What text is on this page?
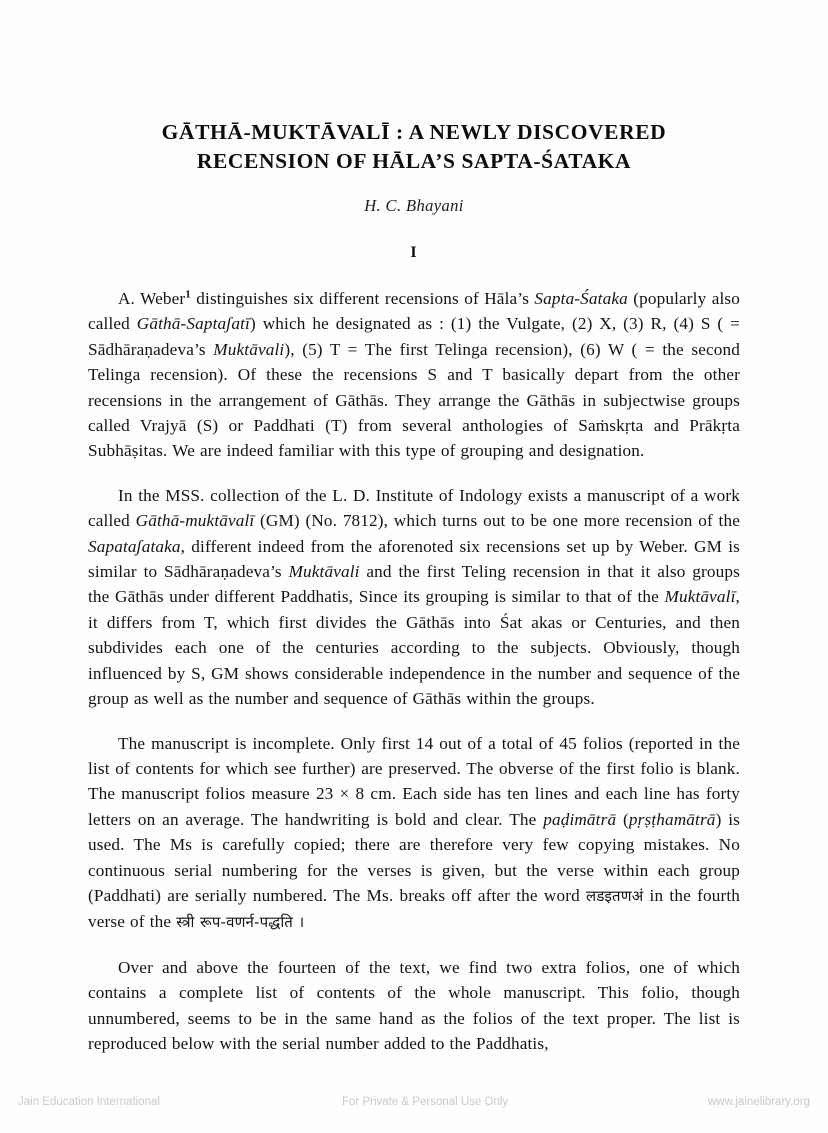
GĀTHĀ-MUKTĀVALĪ : A NEWLY DISCOVERED
RECENSION OF HĀLA’S SAPTA-ŚATAKA
H. C. Bhayani
I

A. Weber$^1$ distinguishes six different recensions of Hāla’s Sapta-Śataka (popularly also called Gāthā-Saptaʃatī) which he designated as : (1) the Vulgate, (2) X, (3) R, (4) S ( = Sādhāraṇadeva’s Muktāvali), (5) T = The first Telinga recension), (6) W ( = the second Telinga recension). Of these the recensions S and T basically depart from the other recensions in the arrangement of Gāthās. They arrange the Gāthās in subjectwise groups called Vrajyā (S) or Paddhati (T) from several anthologies of Saṁskṛta and Prākṛta Subhāṣitas. We are indeed familiar with this type of grouping and designation.

In the MSS. collection of the L. D. Institute of Indology exists a manuscript of a work called Gāthā-muktāvalī (GM) (No. 7812), which turns out to be one more recension of the Sapataʃataka, different indeed from the aforenoted six recensions set up by Weber. GM is similar to Sādhāraṇadeva’s Muktāvali and the first Teling recension in that it also groups the Gāthās under different Paddhatis, Since its grouping is similar to that of the Muktāvalī, it differs from T, which first divides the Gāthās into Śat akas or Centuries, and then subdivides each one of the centuries according to the subjects. Obviously, though influenced by S, GM shows considerable independence in the number and sequence of the group as well as the number and sequence of Gāthās within the groups.

The manuscript is incomplete. Only first 14 out of a total of 45 folios (reported in the list of contents for which see further) are preserved. The obverse of the first folio is blank. The manuscript folios measure 23 × 8 cm. Each side has ten lines and each line has forty letters on an average. The handwriting is bold and clear. The paḍimātrā (pṛṣṭhamātrā) is used. The Ms is carefully copied; there are therefore very few copying mistakes. No continuous serial numbering for the verses is given, but the verse within each group (Paddhati) are serially numbered. The Ms. breaks off after the word लडइतणअं in the fourth verse of the स्त्री रूप-वणर्न-पद्धति ।

Over and above the fourteen of the text, we find two extra folios, one of which contains a complete list of contents of the whole manuscript. This folio, though unnumbered, seems to be in the same hand as the folios of the text proper. The list is reproduced below with the serial number added to the Paddhatis,

Jain Education International	For Private & Personal Use Only	www.jainelibrary.org
